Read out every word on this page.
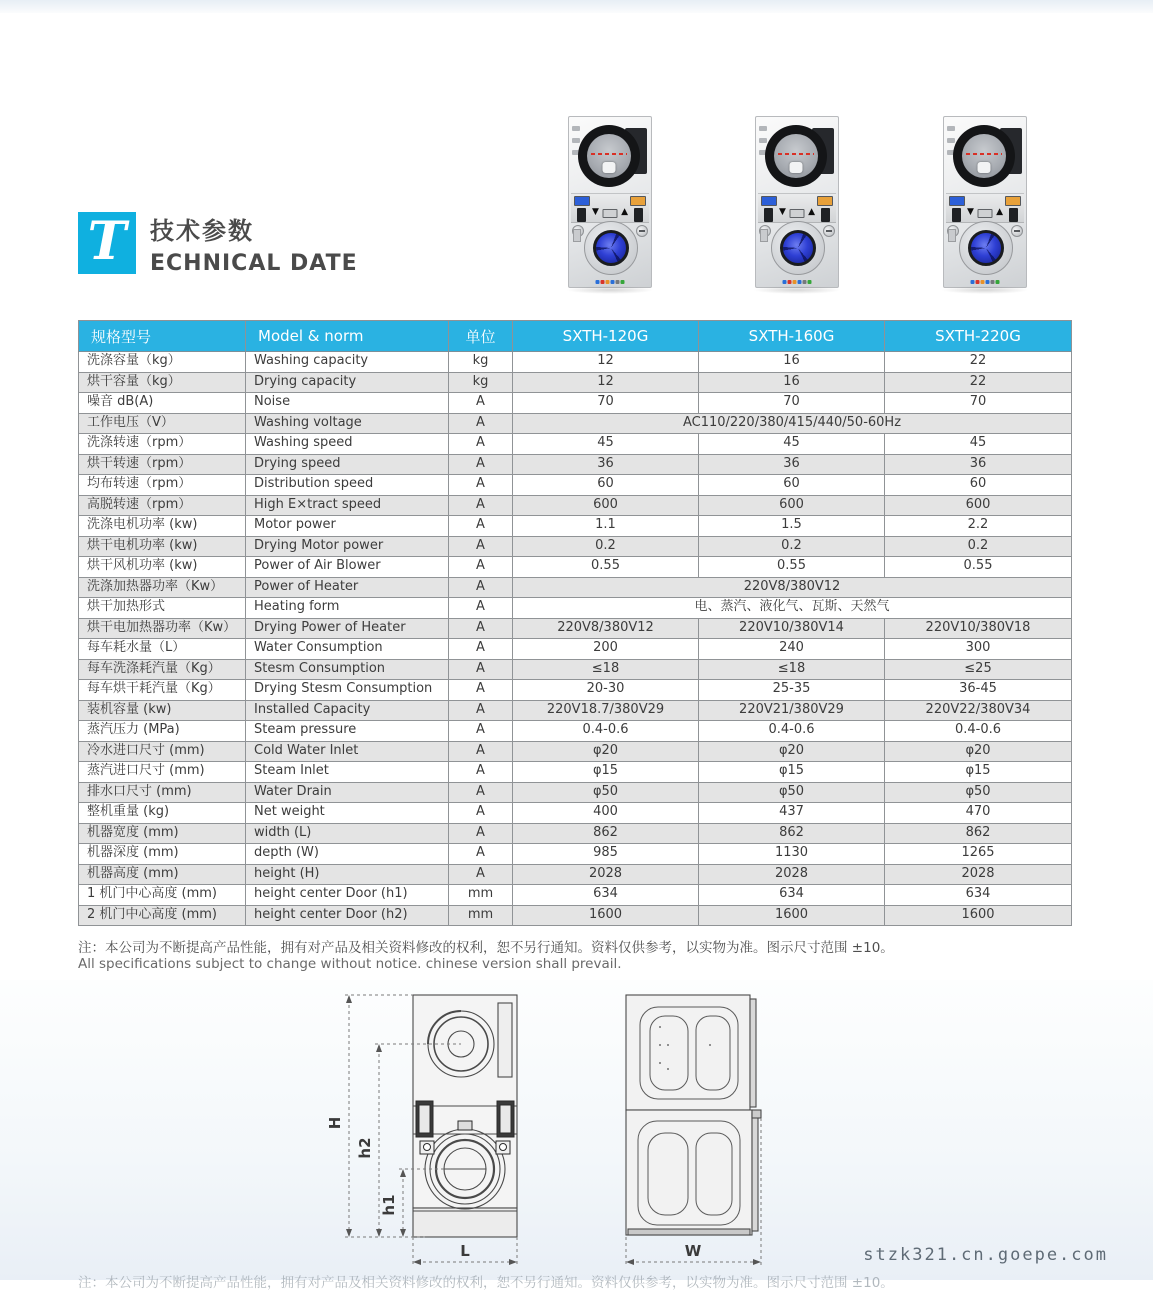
T 技术参数
ECHNICAL DATE
▼
▲
▼
▲
▼
▲
规格型号	Model & norm	单位	SXTH-120G	SXTH-160G	SXTH-220G
洗涤容量（kg）	Washing capacity	kg	12	16	22
烘干容量（kg）	Drying capacity	kg	12	16	22
噪音 dB(A)	Noise	A	70	70	70
工作电压（V）	Washing voltage	A	AC110/220/380/415/440/50-60Hz		
洗涤转速（rpm）	Washing speed	A	45	45	45
烘干转速（rpm）	Drying speed	A	36	36	36
均布转速（rpm）	Distribution speed	A	60	60	60
高脱转速（rpm）	High E×tract speed	A	600	600	600
洗涤电机功率 (kw)	Motor power	A	1.1	1.5	2.2
烘干电机功率 (kw)	Drying Motor power	A	0.2	0.2	0.2
烘干风机功率 (kw)	Power of Air Blower	A	0.55	0.55	0.55
洗涤加热器功率（Kw）	Power of Heater	A	220V8/380V12		
烘干加热形式	Heating form	A	电、蒸汽、液化气、瓦斯、天然气		
烘干电加热器功率（Kw）	Drying Power of Heater	A	220V8/380V12	220V10/380V14	220V10/380V18
每车耗水量（L）	Water Consumption	A	200	240	300
每车洗涤耗汽量（Kg）	Stesm Consumption	A	≤18	≤18	≤25
每车烘干耗汽量（Kg）	Drying Stesm Consumption	A	20-30	25-35	36-45
装机容量 (kw)	Installed Capacity	A	220V18.7/380V29	220V21/380V29	220V22/380V34
蒸汽压力 (MPa)	Steam pressure	A	0.4-0.6	0.4-0.6	0.4-0.6
冷水进口尺寸 (mm)	Cold Water Inlet	A	φ20	φ20	φ20
蒸汽进口尺寸 (mm)	Steam Inlet	A	φ15	φ15	φ15
排水口尺寸 (mm)	Water Drain	A	φ50	φ50	φ50
整机重量 (kg)	Net weight	A	400	437	470
机器宽度 (mm)	width (L)	A	862	862	862
机器深度 (mm)	depth (W)	A	985	1130	1265
机器高度 (mm)	height (H)	A	2028	2028	2028
1 机门中心高度 (mm)	height center Door (h1)	mm	634	634	634
2 机门中心高度 (mm)	height center Door (h2)	mm	1600	1600	1600
注：本公司为不断提高产品性能，拥有对产品及相关资料修改的权利，恕不另行通知。资料仅供参考，以实物为准。图示尺寸范围 ±10。
All specifications subject to change without notice. chinese version shall prevail.
H
h2
h1
L	W	stzk321.cn.goepe.com
注：本公司为不断提高产品性能，拥有对产品及相关资料修改的权利，恕不另行通知。资料仅供参考，以实物为准。图示尺寸范围 ±10。
